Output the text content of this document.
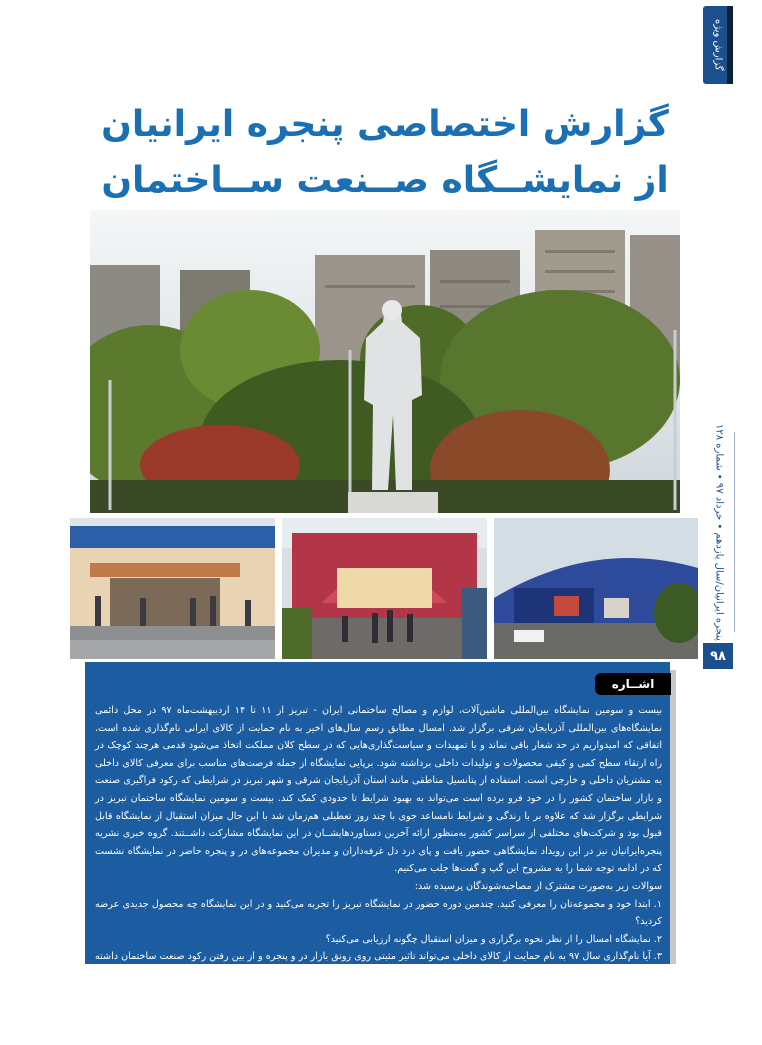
گزارش ویژه
گزارش اختصاصی پنجره ایرانیان
از نمایشــگاه صــنعت ســاختمان
پنجره ایرانیان/سال یازدهم • خرداد ۹۷ • شماره ۱۲۸
۹۸
اشــاره

بیست و سومین نمایشگاه بین‌المللی ماشین‌آلات، لوازم و مصالح ساختمانی ایران - تبریز از ۱۱ تا ۱۴ اردیبهشت‌ماه ۹۷ در محل دائمی نمایشگاه‌های بین‌المللی آذربایجان شرقی برگزار شد. امسال مطابق رسم سال‌های اخیر به نام حمایت از کالای ایرانی نام‌گذاری شده است. اتفاقی که امیدواریم در حد شعار باقی نماند و با تمهیدات و سیاست‌گذاری‌هایی که در سطح کلان مملکت اتخاذ می‌شود قدمی هرچند کوچک در راه ارتقاء سطح کمی و کیفی محصولات و تولیدات داخلی برداشته شود. برپایی نمایشگاه از جمله فرصت‌های مناسب برای معرفی کالای داخلی به مشتریان داخلی و خارجی است. استفاده از پتانسیل مناطقی مانند استان آذربایجان شرقی و شهر تبریز در شرایطی که رکود فراگیری صنعت و بازار ساختمان کشور را در خود فرو برده است می‌تواند به بهبود شرایط تا حدودی کمک کند. بیست و سومین نمایشگاه ساختمان تبریز در شرایطی برگزار شد که علاوه بر با رندگی و شرایط نامساعد جوی با چند روز تعطیلی هم‌زمان شد با این حال میزان استقبال از نمایشگاه قابل قبول بود و شرکت‌های مختلفی از سراسر کشور به‌منظور ارائه آخرین دستاوردهایشــان در این نمایشگاه مشارکت داشــتند. گروه خبری نشریه پنجره‌ایرانیان نیز در این رویداد نمایشگاهی حضور یافت و پای درد دل غرفه‌داران و مدیران مجموعه‌های در و پنجره حاضر در نمایشگاه نشست که در ادامه توجه شما را به مشروح این گپ و گفت‌ها جلب می‌کنیم.

سوالات زیر به‌صورت مشترک از مصاحبه‌شوندگان پرسیده شد:

۱. ابتدا خود و مجموعه‌تان را معرفی کنید. چندمین دوره حضور در نمایشگاه تبریز را تجربه می‌کنید و در این نمایشگاه چه محصول جدیدی عرضه کردید؟

۲. نمایشگاه امسال را از نظر نحوه برگزاری و میزان استقبال چگونه ارزیابی می‌کنید؟

۳. آیا نام‌گذاری سال ۹۷ به نام حمایت از کالای داخلی می‌تواند تاثیر مثبتی روی رونق بازار در و پنجره و از بین رفتن رکود صنعت ساختمان داشته باشد؟
